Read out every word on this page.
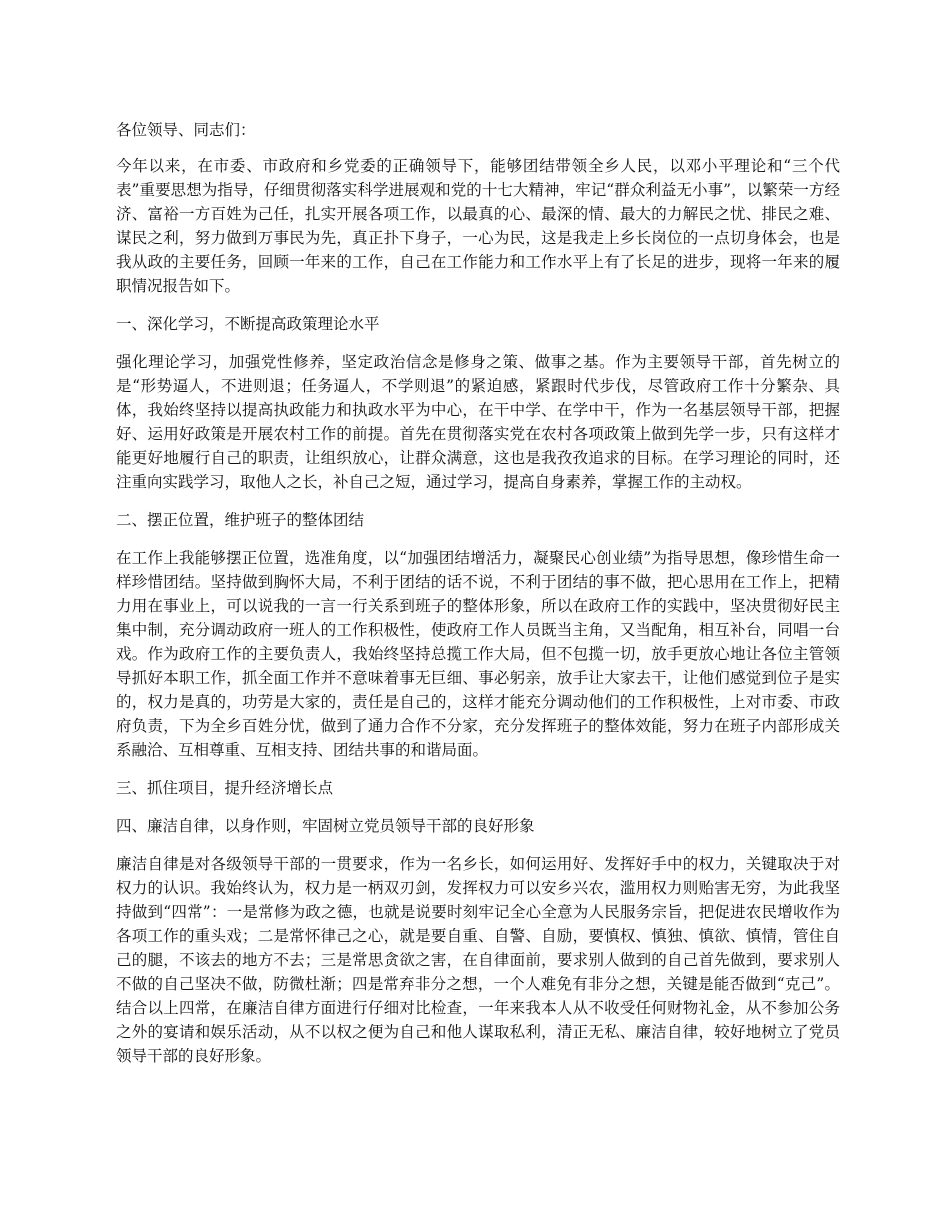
各位领导、同志们：

今年以来，在市委、市政府和乡党委的正确领导下，能够团结带领全乡人民，以邓小平理论和“三个代表”重要思想为指导，仔细贯彻落实科学进展观和党的十七大精神，牢记“群众利益无小事”，以繁荣一方经济、富裕一方百姓为己任，扎实开展各项工作，以最真的心、最深的情、最大的力解民之忧、排民之难、谋民之利，努力做到万事民为先，真正扑下身子，一心为民，这是我走上乡长岗位的一点切身体会，也是我从政的主要任务，回顾一年来的工作，自己在工作能力和工作水平上有了长足的进步，现将一年来的履职情况报告如下。

一、深化学习，不断提高政策理论水平

强化理论学习，加强党性修养，坚定政治信念是修身之策、做事之基。作为主要领导干部，首先树立的是“形势逼人，不进则退；任务逼人，不学则退”的紧迫感，紧跟时代步伐，尽管政府工作十分繁杂、具体，我始终坚持以提高执政能力和执政水平为中心，在干中学、在学中干，作为一名基层领导干部，把握好、运用好政策是开展农村工作的前提。首先在贯彻落实党在农村各项政策上做到先学一步，只有这样才能更好地履行自己的职责，让组织放心，让群众满意，这也是我孜孜追求的目标。在学习理论的同时，还注重向实践学习，取他人之长，补自己之短，通过学习，提高自身素养，掌握工作的主动权。

二、摆正位置，维护班子的整体团结

在工作上我能够摆正位置，选准角度，以“加强团结增活力，凝聚民心创业绩”为指导思想，像珍惜生命一样珍惜团结。坚持做到胸怀大局，不利于团结的话不说，不利于团结的事不做，把心思用在工作上，把精力用在事业上，可以说我的一言一行关系到班子的整体形象，所以在政府工作的实践中，坚决贯彻好民主集中制，充分调动政府一班人的工作积极性，使政府工作人员既当主角，又当配角，相互补台，同唱一台戏。作为政府工作的主要负责人，我始终坚持总揽工作大局，但不包揽一切，放手更放心地让各位主管领导抓好本职工作，抓全面工作并不意味着事无巨细、事必躬亲，放手让大家去干，让他们感觉到位子是实的，权力是真的，功劳是大家的，责任是自己的，这样才能充分调动他们的工作积极性，上对市委、市政府负责，下为全乡百姓分忧，做到了通力合作不分家，充分发挥班子的整体效能，努力在班子内部形成关系融洽、互相尊重、互相支持、团结共事的和谐局面。

三、抓住项目，提升经济增长点

四、廉洁自律，以身作则，牢固树立党员领导干部的良好形象

廉洁自律是对各级领导干部的一贯要求，作为一名乡长，如何运用好、发挥好手中的权力，关键取决于对权力的认识。我始终认为，权力是一柄双刃剑，发挥权力可以安乡兴农，滥用权力则贻害无穷，为此我坚持做到“四常”：一是常修为政之德，也就是说要时刻牢记全心全意为人民服务宗旨，把促进农民增收作为各项工作的重头戏；二是常怀律己之心，就是要自重、自警、自励，要慎权、慎独、慎欲、慎情，管住自己的腿，不该去的地方不去；三是常思贪欲之害，在自律面前，要求别人做到的自己首先做到，要求别人不做的自己坚决不做，防微杜渐；四是常弃非分之想，一个人难免有非分之想，关键是能否做到“克己”。结合以上四常，在廉洁自律方面进行仔细对比检查，一年来我本人从不收受任何财物礼金，从不参加公务之外的宴请和娱乐活动，从不以权之便为自己和他人谋取私利，清正无私、廉洁自律，较好地树立了党员领导干部的良好形象。
